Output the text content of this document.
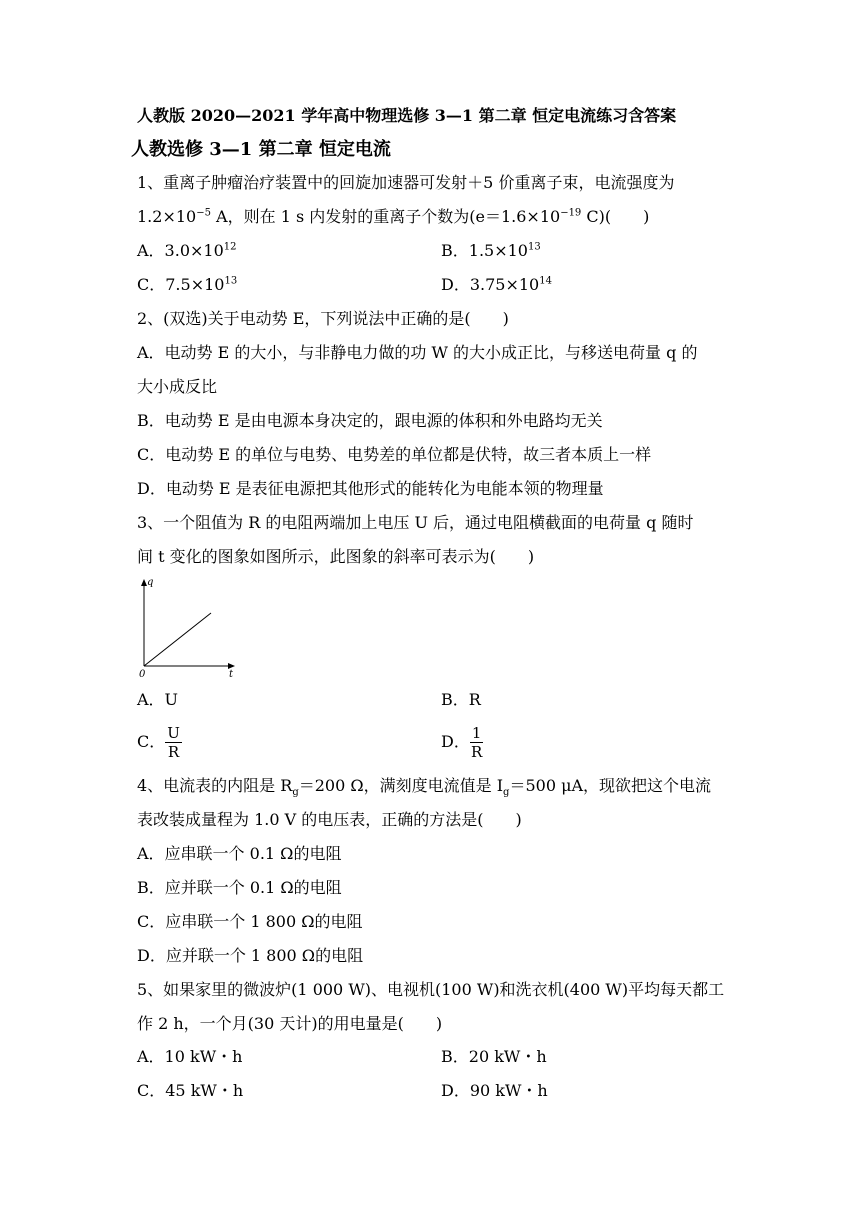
人教版 2020—2021 学年高中物理选修 3—1 第二章 恒定电流练习含答案
人教选修 3—1 第二章 恒定电流
1、重离子肿瘤治疗装置中的回旋加速器可发射＋5 价重离子束，电流强度为
$1.2\times 10^{-5}$ A，则在 1 s 内发射的重离子个数为($e=1.6\times 10^{-19}$ C)(　　)
A．$3.0\times 10^{12}$	B．$1.5\times 10^{13}$
C．$7.5\times 10^{13}$	D．$3.75\times 10^{14}$
2、(双选)关于电动势 E，下列说法中正确的是(　　)
A．电动势 E 的大小，与非静电力做的功 W 的大小成正比，与移送电荷量 q 的
大小成反比
B．电动势 E 是由电源本身决定的，跟电源的体积和外电路均无关
C．电动势 E 的单位与电势、电势差的单位都是伏特，故三者本质上一样
D．电动势 E 是表征电源把其他形式的能转化为电能本领的物理量
3、一个阻值为 R 的电阻两端加上电压 U 后，通过电阻横截面的电荷量 q 随时
间 t 变化的图象如图所示，此图象的斜率可表示为(　　)
q
t
0
A．U	B．R
C． $\frac{U}{R}$	D． $\frac{1}{R}$
4、电流表的内阻是 $R_g=200$ Ω，满刻度电流值是 $I_g=500$ μA，现欲把这个电流
表改装成量程为 1.0 V 的电压表，正确的方法是(　　)
A．应串联一个 0.1 Ω的电阻
B．应并联一个 0.1 Ω的电阻
C．应串联一个 1 800 Ω的电阻
D．应并联一个 1 800 Ω的电阻
5、如果家里的微波炉(1 000 W)、电视机(100 W)和洗衣机(400 W)平均每天都工
作 2 h，一个月(30 天计)的用电量是(　　)
A．10 kW・h	B．20 kW・h
C．45 kW・h	D．90 kW・h
